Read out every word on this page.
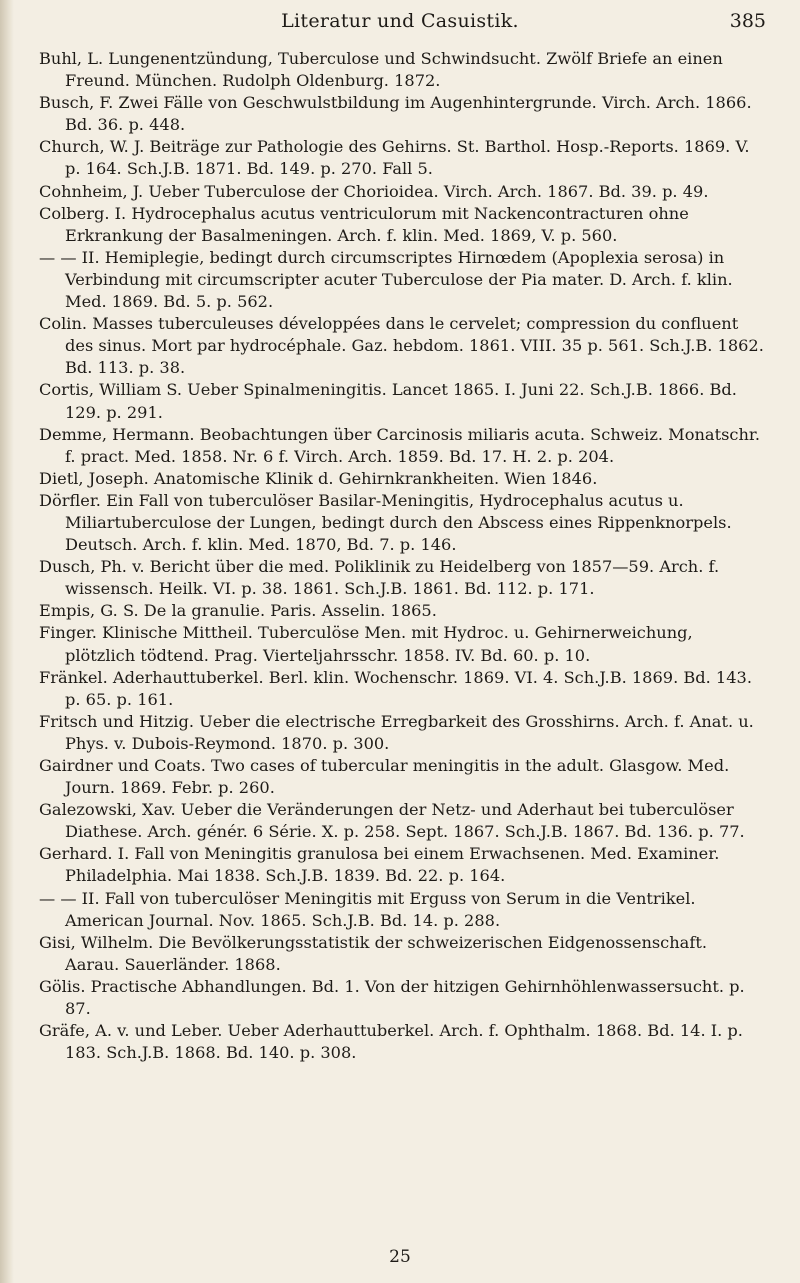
Literatur und Casuistik.	385

Buhl, L. Lungenentzündung, Tuberculose und Schwindsucht. Zwölf Briefe an einen Freund. München. Rudolph Oldenburg. 1872.

Busch, F. Zwei Fälle von Geschwulstbildung im Augenhintergrunde. Virch. Arch. 1866. Bd. 36. p. 448.

Church, W. J. Beiträge zur Pathologie des Gehirns. St. Barthol. Hosp.-Reports. 1869. V. p. 164. Sch.J.B. 1871. Bd. 149. p. 270. Fall 5.

Cohnheim, J. Ueber Tuberculose der Chorioidea. Virch. Arch. 1867. Bd. 39. p. 49.

Colberg. I. Hydrocephalus acutus ventriculorum mit Nackencontracturen ohne Erkrankung der Basalmeningen. Arch. f. klin. Med. 1869, V. p. 560.

— — II. Hemiplegie, bedingt durch circumscriptes Hirnœdem (Apoplexia serosa) in Verbindung mit circumscripter acuter Tuberculose der Pia mater. D. Arch. f. klin. Med. 1869. Bd. 5. p. 562.

Colin. Masses tuberculeuses développées dans le cervelet; compression du confluent des sinus. Mort par hydrocéphale. Gaz. hebdom. 1861. VIII. 35 p. 561. Sch.J.B. 1862. Bd. 113. p. 38.

Cortis, William S. Ueber Spinalmeningitis. Lancet 1865. I. Juni 22. Sch.J.B. 1866. Bd. 129. p. 291.

Demme, Hermann. Beobachtungen über Carcinosis miliaris acuta. Schweiz. Monatschr. f. pract. Med. 1858. Nr. 6 f. Virch. Arch. 1859. Bd. 17. H. 2. p. 204.

Dietl, Joseph. Anatomische Klinik d. Gehirnkrankheiten. Wien 1846.

Dörfler. Ein Fall von tuberculöser Basilar-Meningitis, Hydrocephalus acutus u. Miliartuberculose der Lungen, bedingt durch den Abscess eines Rippenknorpels. Deutsch. Arch. f. klin. Med. 1870, Bd. 7. p. 146.

Dusch, Ph. v. Bericht über die med. Poliklinik zu Heidelberg von 1857—59. Arch. f. wissensch. Heilk. VI. p. 38. 1861. Sch.J.B. 1861. Bd. 112. p. 171.

Empis, G. S. De la granulie. Paris. Asselin. 1865.

Finger. Klinische Mittheil. Tuberculöse Men. mit Hydroc. u. Gehirnerweichung, plötzlich tödtend. Prag. Vierteljahrsschr. 1858. IV. Bd. 60. p. 10.

Fränkel. Aderhauttuberkel. Berl. klin. Wochenschr. 1869. VI. 4. Sch.J.B. 1869. Bd. 143. p. 65. p. 161.

Fritsch und Hitzig. Ueber die electrische Erregbarkeit des Grosshirns. Arch. f. Anat. u. Phys. v. Dubois-Reymond. 1870. p. 300.

Gairdner und Coats. Two cases of tubercular meningitis in the adult. Glasgow. Med. Journ. 1869. Febr. p. 260.

Galezowski, Xav. Ueber die Veränderungen der Netz- und Aderhaut bei tuberculöser Diathese. Arch. génér. 6 Série. X. p. 258. Sept. 1867. Sch.J.B. 1867. Bd. 136. p. 77.

Gerhard. I. Fall von Meningitis granulosa bei einem Erwachsenen. Med. Examiner. Philadelphia. Mai 1838. Sch.J.B. 1839. Bd. 22. p. 164.

— — II. Fall von tuberculöser Meningitis mit Erguss von Serum in die Ventrikel. American Journal. Nov. 1865. Sch.J.B. Bd. 14. p. 288.

Gisi, Wilhelm. Die Bevölkerungsstatistik der schweizerischen Eidgenossenschaft. Aarau. Sauerländer. 1868.

Gölis. Practische Abhandlungen. Bd. 1. Von der hitzigen Gehirnhöhlenwassersucht. p. 87.

Gräfe, A. v. und Leber. Ueber Aderhauttuberkel. Arch. f. Ophthalm. 1868. Bd. 14. I. p. 183. Sch.J.B. 1868. Bd. 140. p. 308.

25
